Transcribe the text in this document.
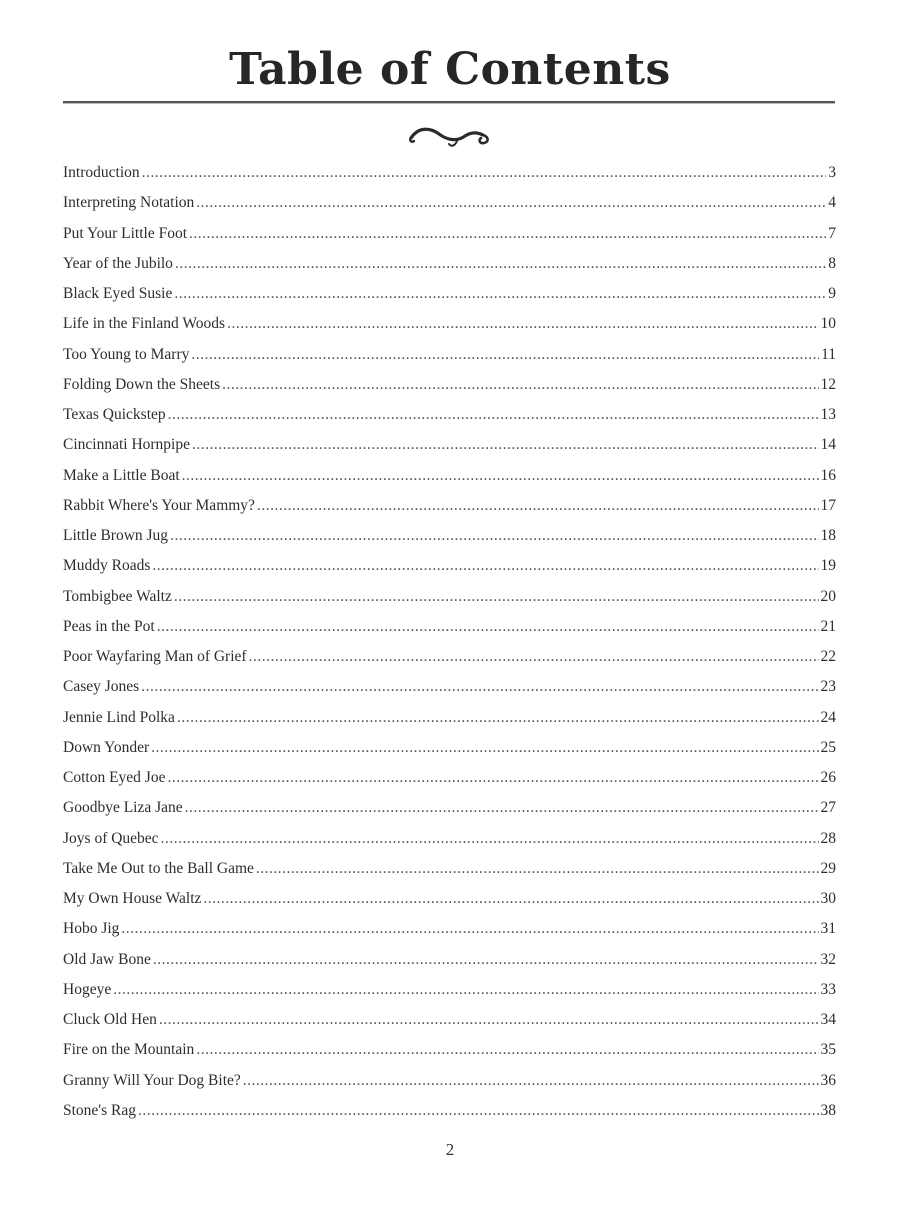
Table of Contents
Introduction .....	3
Interpreting Notation .....	4
Put Your Little Foot .....	7
Year of the Jubilo .....	8
Black Eyed Susie .....	9
Life in the Finland Woods .....	10
Too Young to Marry .....	11
Folding Down the Sheets .....	12
Texas Quickstep .....	13
Cincinnati Hornpipe .....	14
Make a Little Boat .....	16
Rabbit Where's Your Mammy? .....	17
Little Brown Jug .....	18
Muddy Roads .....	19
Tombigbee Waltz .....	20
Peas in the Pot .....	21
Poor Wayfaring Man of Grief .....	22
Casey Jones .....	23
Jennie Lind Polka .....	24
Down Yonder .....	25
Cotton Eyed Joe .....	26
Goodbye Liza Jane .....	27
Joys of Quebec .....	28
Take Me Out to the Ball Game .....	29
My Own House Waltz .....	30
Hobo Jig .....	31
Old Jaw Bone .....	32
Hogeye .....	33
Cluck Old Hen .....	34
Fire on the Mountain .....	35
Granny Will Your Dog Bite? .....	36
Stone's Rag .....	38
2
